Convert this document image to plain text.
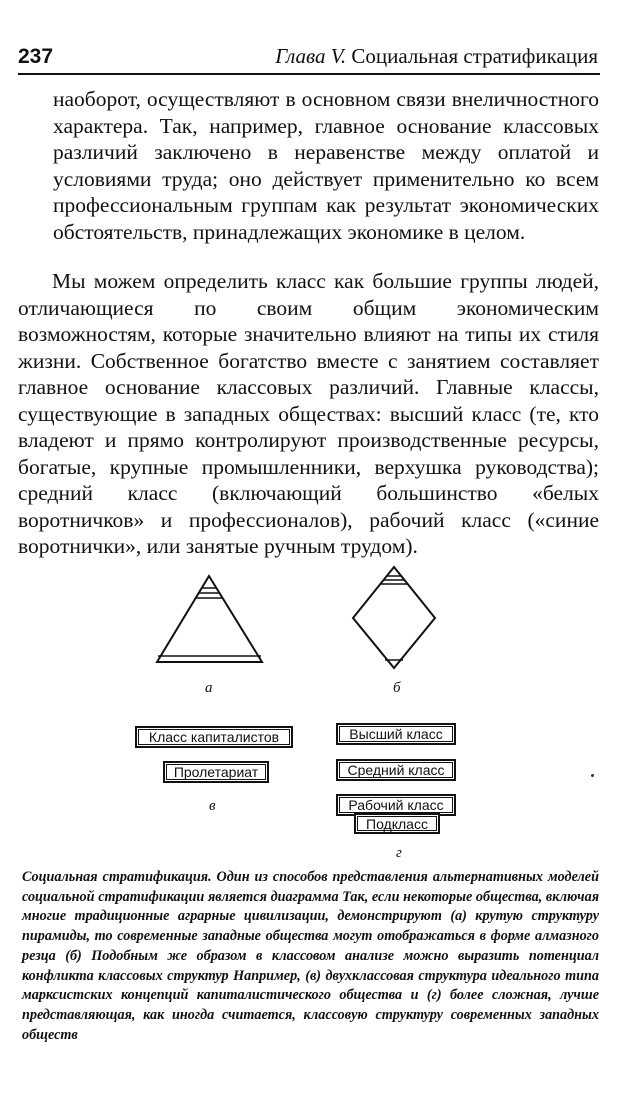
237	Глава V. Социальная стратификация

наоборот, осуществляют в основном связи внеличностного характера. Так, например, главное основание классовых различий заключено в неравенстве между оплатой и условиями труда; оно действует применительно ко всем профессиональным группам как результат экономических обстоятельств, принадлежащих экономике в целом.

Мы можем определить класс как большие группы людей, отличающиеся по своим общим экономическим возможностям, которые значительно влияют на типы их стиля жизни. Собственное богатство вместе с занятием составляет главное основание классовых различий. Главные классы, существующие в западных обществах: высший класс (те, кто владеют и прямо контролируют производственные ресурсы, богатые, крупные промышленники, верхушка руководства); средний класс (включающий большинство «белых воротничков» и профессионалов), рабочий класс («синие воротнички», или занятые ручным трудом).

а	б
Класс капиталистов
Пролетариат
в
Высший класс
Средний класс
Рабочий класс
Подкласс
г

Социальная стратификация. Один из способов представления альтернативных моделей социальной стратификации является диаграмма Так, если некоторые общества, включая многие традиционные аграрные цивилизации, демонстрируют (а) крутую структуру пирамиды, то современные западные общества могут отображаться в форме алмазного резца (б) Подобным же образом в классовом анализе можно выразить потенциал конфликта классовых структур Например, (в) двухклассовая структура идеального типа марксистских концепций капиталистического общества и (г) более сложная, лучше представляющая, как иногда считается, классовую структуру современных западных обществ
